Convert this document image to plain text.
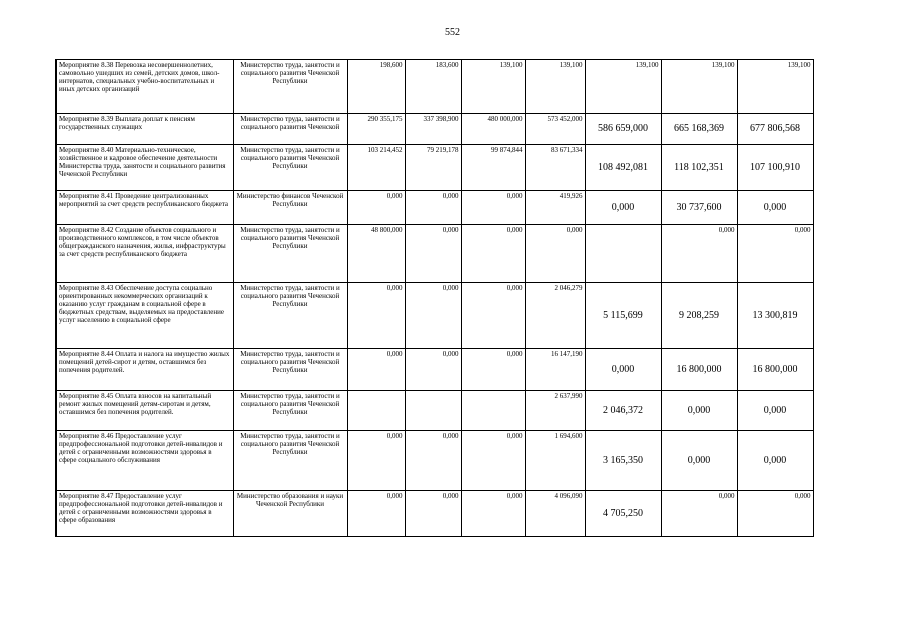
552
Мероприятие 8.38 Перевозка несовершеннолетних, самовольно ушедших из семей, детских домов, школ-интернатов, специальных учебно-воспитательных и иных детских организаций	Министерство труда, занятости и социального развития Чеченской Республики	198,600	183,600	139,100	139,100	139,100	139,100	139,100
Мероприятие 8.39 Выплата доплат к пенсиям государственных служащих	Министерство труда, занятости и социального развития Чеченской	290 355,175	337 398,900	480 000,000	573 452,000	586 659,000	665 168,369	677 806,568
Мероприятие 8.40 Материально-техническое, хозяйственное и кадровое обеспечение деятельности Министерства труда, занятости и социального развития Чеченской Республики	Министерство труда, занятости и социального развития Чеченской Республики	103 214,452	79 219,178	99 874,844	83 671,334	108 492,081	118 102,351	107 100,910
Мероприятие 8.41 Проведение централизованных мероприятий за счет средств республиканского бюджета	Министерство финансов Чеченской Республики	0,000	0,000	0,000	419,926	0,000	30 737,600	0,000
Мероприятие 8.42 Создание объектов социального и производственного комплексов, в том числе объектов общегражданского назначения, жилья, инфраструктуры за счет средств республиканского бюджета	Министерство труда, занятости и социального развития Чеченской Республики	48 800,000	0,000	0,000	0,000		0,000	0,000
Мероприятие 8.43 Обеспечение доступа социально ориентированных некоммерческих организаций к оказанию услуг гражданам в социальной сфере в бюджетных средствам, выделяемых на предоставление услуг населению в социальной сфере	Министерство труда, занятости и социального развития Чеченской Республики	0,000	0,000	0,000	2 046,279	5 115,699	9 208,259	13 300,819
Мероприятие 8.44 Оплата и налога на имущество жилых помещений детей-сирот и детям, оставшимся без попечения родителей.	Министерство труда, занятости и социального развития Чеченской Республики	0,000	0,000	0,000	16 147,190	0,000	16 800,000	16 800,000
Мероприятие 8.45 Оплата взносов на капитальный ремонт жилых помещений детям-сиротам и детям, оставшимся без попечения родителей.	Министерство труда, занятости и социального развития Чеченской Республики				2 637,990	2 046,372	0,000	0,000
Мероприятие 8.46 Предоставление услуг предпрофессиональной подготовки детей-инвалидов и детей с ограниченными возможностями здоровья в сфере социального обслуживания	Министерство труда, занятости и социального развития Чеченской Республики	0,000	0,000	0,000	1 694,600	3 165,350	0,000	0,000
Мероприятие 8.47 Предоставление услуг предпрофессиональной подготовки детей-инвалидов и детей с ограниченными возможностями здоровья в сфере образования	Министерство образования и науки Чеченской Республики	0,000	0,000	0,000	4 096,090	4 705,250	0,000	0,000
